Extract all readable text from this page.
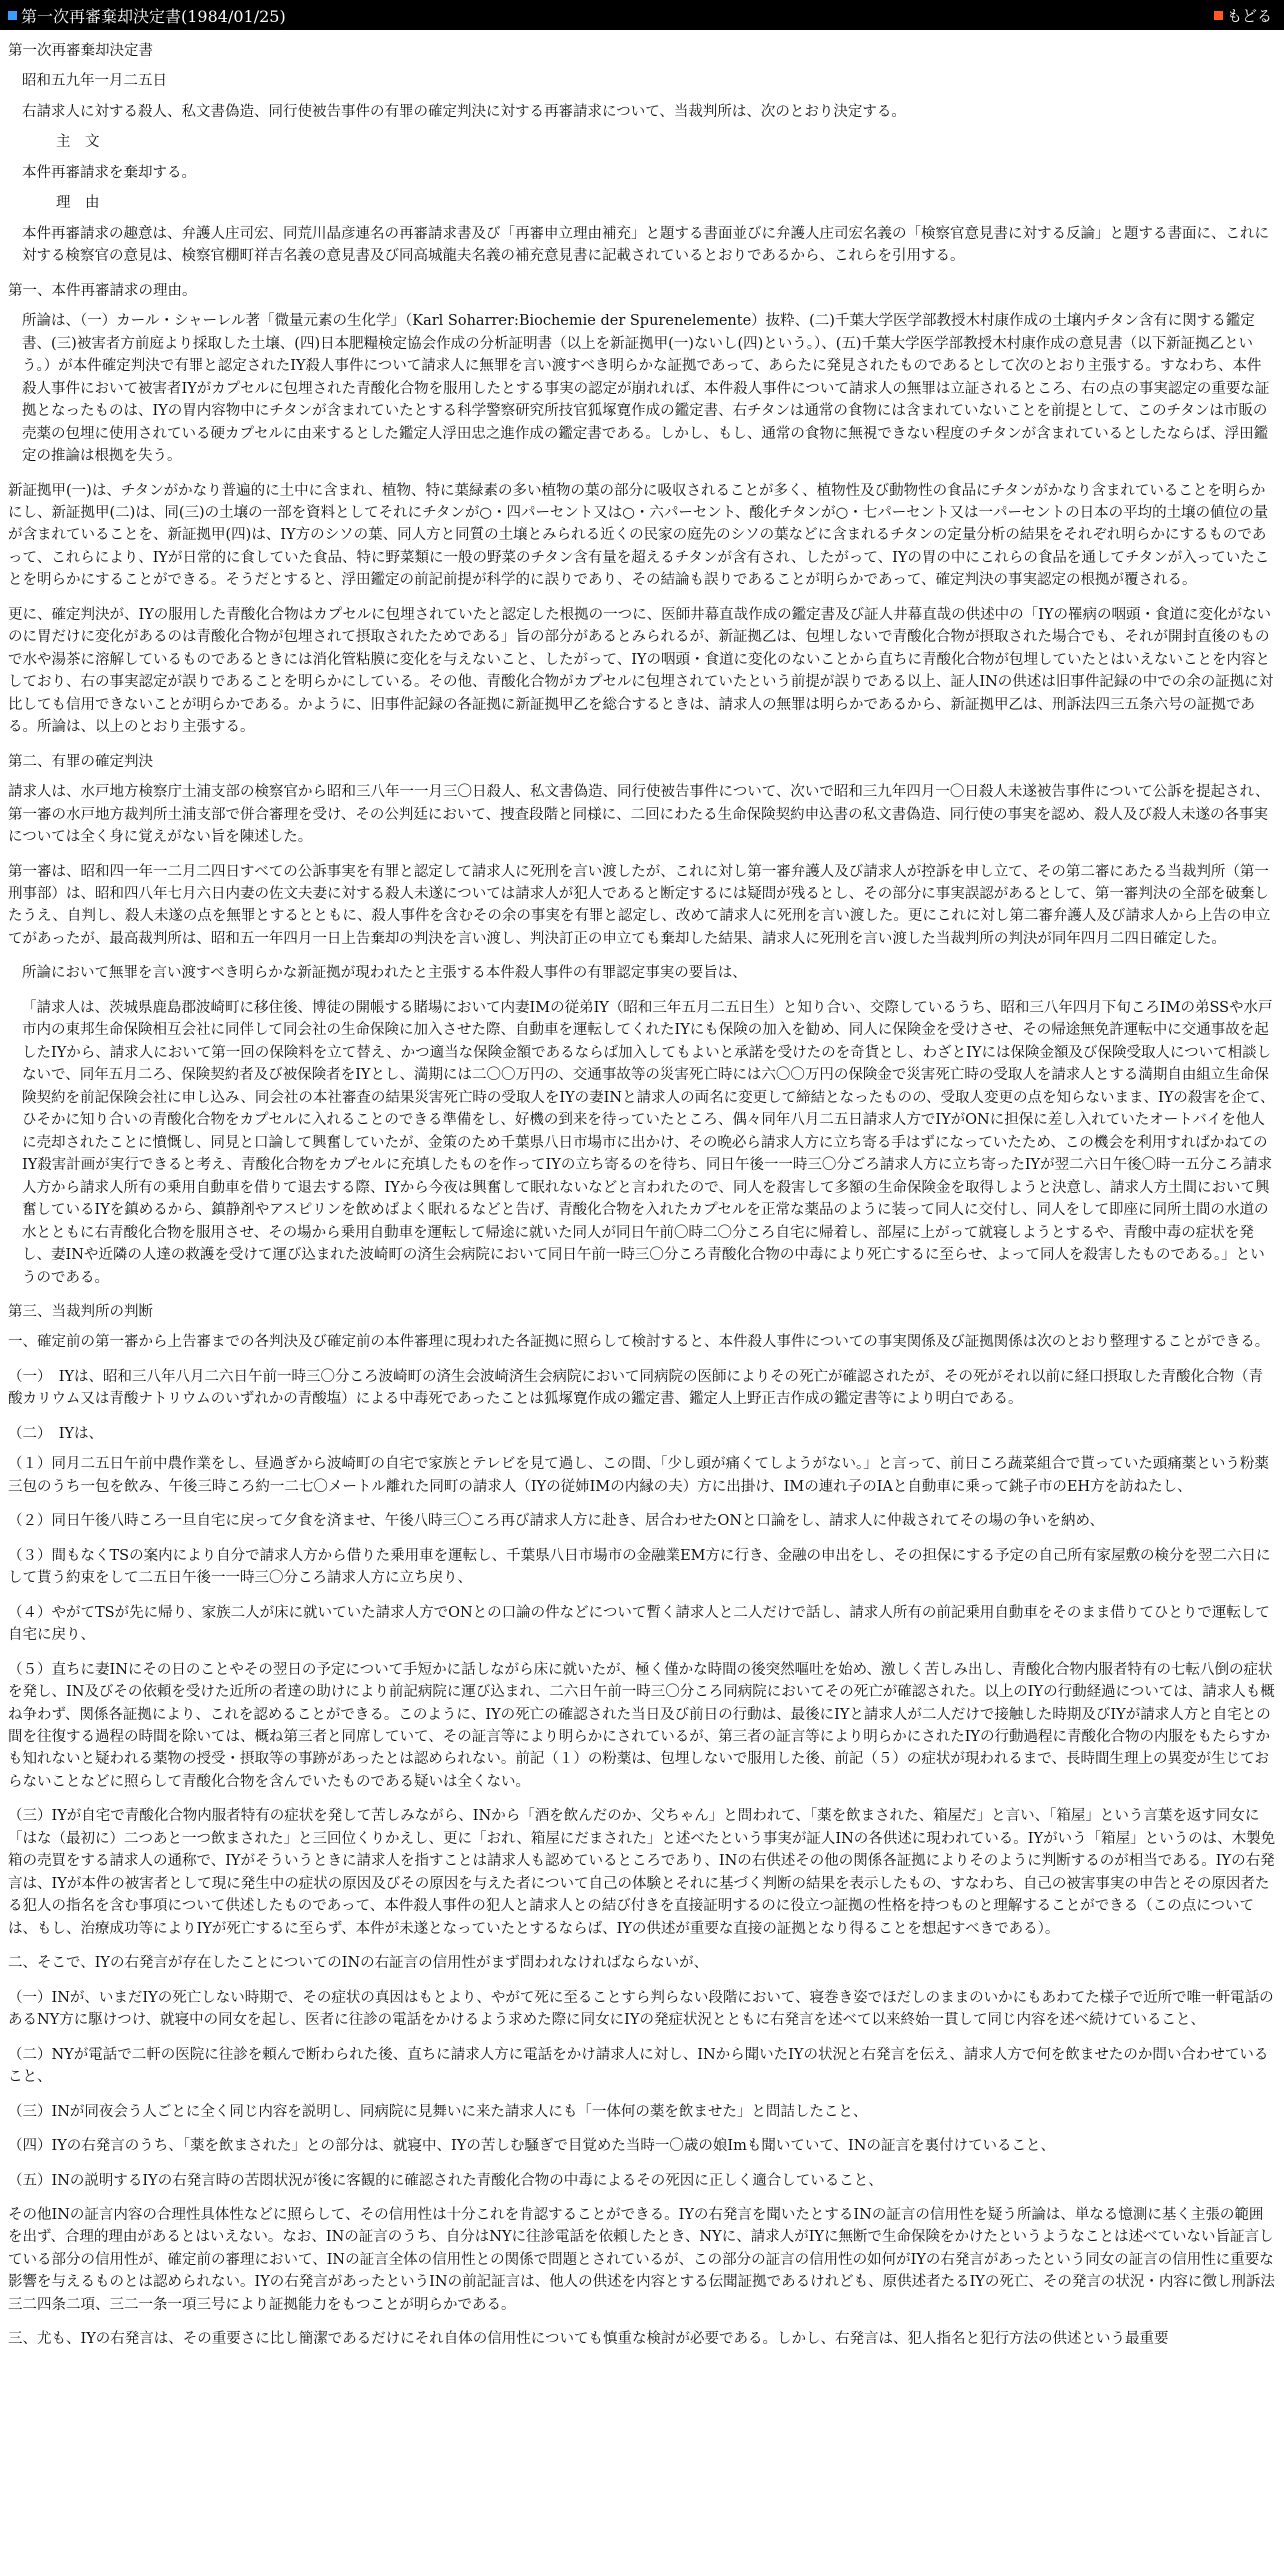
第一次再審棄却決定書(1984/01/25)	もどる

第一次再審棄却決定書

昭和五九年一月二五日

右請求人に対する殺人、私文書偽造、同行使被告事件の有罪の確定判決に対する再審請求について、当裁判所は、次のとおり決定する。

主　文

本件再審請求を棄却する。

理　由

本件再審請求の趣意は、弁護人庄司宏、同荒川晶彦連名の再審請求書及び「再審申立理由補充」と題する書面並びに弁護人庄司宏名義の「検察官意見書に対する反論」と題する書面に、これに対する検察官の意見は、検察官棚町祥吉名義の意見書及び同高城龍夫名義の補充意見書に記載されているとおりであるから、これらを引用する。

第一、本件再審請求の理由。

所論は、（一）カール・シャーレル著「微量元素の生化学」（Karl Soharrer:Biochemie der Spurenelemente）抜粋、(二)千葉大学医学部教授木村康作成の土壌内チタン含有に関する鑑定書、(三)被害者方前庭より採取した土壌、(四)日本肥糧検定協会作成の分析証明書（以上を新証拠甲(一)ないし(四)という。）、(五)千葉大学医学部教授木村康作成の意見書（以下新証拠乙という。）が本件確定判決で有罪と認定されたIY殺人事件について請求人に無罪を言い渡すべき明らかな証拠であって、あらたに発見されたものであるとして次のとおり主張する。すなわち、本件殺人事件において被害者IYがカプセルに包埋された青酸化合物を服用したとする事実の認定が崩れれば、本件殺人事件について請求人の無罪は立証されるところ、右の点の事実認定の重要な証拠となったものは、IYの胃内容物中にチタンが含まれていたとする科学警察研究所技官狐塚寛作成の鑑定書、右チタンは通常の食物には含まれていないことを前提として、このチタンは市販の売薬の包埋に使用されている硬カプセルに由来するとした鑑定人浮田忠之進作成の鑑定書である。しかし、もし、通常の食物に無視できない程度のチタンが含まれているとしたならば、浮田鑑定の推論は根拠を失う。

新証拠甲(一)は、チタンがかなり普遍的に土中に含まれ、植物、特に葉緑素の多い植物の葉の部分に吸収されることが多く、植物性及び動物性の食品にチタンがかなり含まれていることを明らかにし、新証拠甲(二)は、同(三)の土壌の一部を資料としてそれにチタンが○・四パーセント又は○・六パーセント、酸化チタンが○・七パーセント又は一パーセントの日本の平均的土壌の値位の量が含まれていることを、新証拠甲(四)は、IY方のシソの葉、同人方と同質の土壌とみられる近くの民家の庭先のシソの葉などに含まれるチタンの定量分析の結果をそれぞれ明らかにするものであって、これらにより、IYが日常的に食していた食品、特に野菜類に一般の野菜のチタン含有量を超えるチタンが含有され、したがって、IYの胃の中にこれらの食品を通してチタンが入っていたことを明らかにすることができる。そうだとすると、浮田鑑定の前記前提が科学的に誤りであり、その結論も誤りであることが明らかであって、確定判決の事実認定の根拠が覆される。

更に、確定判決が、IYの服用した青酸化合物はカプセルに包埋されていたと認定した根拠の一つに、医師井幕直哉作成の鑑定書及び証人井幕直哉の供述中の「IYの罹病の咽頭・食道に変化がないのに胃だけに変化があるのは青酸化合物が包埋されて摂取されたためである」旨の部分があるとみられるが、新証拠乙は、包埋しないで青酸化合物が摂取された場合でも、それが開封直後のもので水や湯茶に溶解しているものであるときには消化管粘膜に変化を与えないこと、したがって、IYの咽頭・食道に変化のないことから直ちに青酸化合物が包埋していたとはいえないことを内容としており、右の事実認定が誤りであることを明らかにしている。その他、青酸化合物がカプセルに包埋されていたという前提が誤りである以上、証人INの供述は旧事件記録の中での余の証拠に対比しても信用できないことが明らかである。かように、旧事件記録の各証拠に新証拠甲乙を総合するときは、請求人の無罪は明らかであるから、新証拠甲乙は、刑訴法四三五条六号の証拠である。所論は、以上のとおり主張する。

第二、有罪の確定判決

請求人は、水戸地方検察庁土浦支部の検察官から昭和三八年一一月三〇日殺人、私文書偽造、同行使被告事件について、次いで昭和三九年四月一〇日殺人未遂被告事件について公訴を提起され、第一審の水戸地方裁判所土浦支部で併合審理を受け、その公判廷において、捜査段階と同様に、二回にわたる生命保険契約申込書の私文書偽造、同行使の事実を認め、殺人及び殺人未遂の各事実については全く身に覚えがない旨を陳述した。

第一審は、昭和四一年一二月二四日すべての公訴事実を有罪と認定して請求人に死刑を言い渡したが、これに対し第一審弁護人及び請求人が控訴を申し立て、その第二審にあたる当裁判所（第一刑事部）は、昭和四八年七月六日内妻の佐文夫妻に対する殺人未遂については請求人が犯人であると断定するには疑問が残るとし、その部分に事実誤認があるとして、第一審判決の全部を破棄したうえ、自判し、殺人未遂の点を無罪とするとともに、殺人事件を含むその余の事実を有罪と認定し、改めて請求人に死刑を言い渡した。更にこれに対し第二審弁護人及び請求人から上告の申立てがあったが、最高裁判所は、昭和五一年四月一日上告棄却の判決を言い渡し、判決訂正の申立ても棄却した結果、請求人に死刑を言い渡した当裁判所の判決が同年四月二四日確定した。

所論において無罪を言い渡すべき明らかな新証拠が現われたと主張する本件殺人事件の有罪認定事実の要旨は、

「請求人は、茨城県鹿島郡波崎町に移住後、博徒の開帳する賭場において内妻IMの従弟IY（昭和三年五月二五日生）と知り合い、交際しているうち、昭和三八年四月下旬ころIMの弟SSや水戸市内の東邦生命保険相互会社に同伴して同会社の生命保険に加入させた際、自動車を運転してくれたIYにも保険の加入を勧め、同人に保険金を受けさせ、その帰途無免許運転中に交通事故を起したIYから、請求人において第一回の保険料を立て替え、かつ適当な保険金額であるならば加入してもよいと承諾を受けたのを奇貨とし、わざとIYには保険金額及び保険受取人について相談しないで、同年五月二ろ、保険契約者及び被保険者をIYとし、満期には二〇〇万円の、交通事故等の災害死亡時には六〇〇万円の保険金で災害死亡時の受取人を請求人とする満期自由組立生命保険契約を前記保険会社に申し込み、同会社の本社審査の結果災害死亡時の受取人をIYの妻INと請求人の両名に変更して締結となったものの、受取人変更の点を知らないまま、IYの殺害を企て、ひそかに知り合いの青酸化合物をカプセルに入れることのできる準備をし、好機の到来を待っていたところ、偶々同年八月二五日請求人方でIYがONに担保に差し入れていたオートバイを他人に売却されたことに憤慨し、同見と口論して興奮していたが、金策のため千葉県八日市場市に出かけ、その晩必ら請求人方に立ち寄る手はずになっていたため、この機会を利用すればかねてのIY殺害計画が実行できると考え、青酸化合物をカプセルに充填したものを作ってIYの立ち寄るのを待ち、同日午後一一時三〇分ごろ請求人方に立ち寄ったIYが翌二六日午後〇時一五分ころ請求人方から請求人所有の乗用自動車を借りて退去する際、IYから今夜は興奮して眠れないなどと言われたので、同人を殺害して多額の生命保険金を取得しようと決意し、請求人方土間において興奮しているIYを鎮めるから、鎮静剤やアスピリンを飲めばよく眠れるなどと告げ、青酸化合物を入れたカプセルを正常な薬品のように装って同人に交付し、同人をして即座に同所土間の水道の水とともに右青酸化合物を服用させ、その場から乗用自動車を運転して帰途に就いた同人が同日午前〇時二〇分ころ自宅に帰着し、部屋に上がって就寝しようとするや、青酸中毒の症状を発し、妻INや近隣の人達の救護を受けて運び込まれた波崎町の済生会病院において同日午前一時三〇分ころ青酸化合物の中毒により死亡するに至らせ、よって同人を殺害したものである。」というのである。

第三、当裁判所の判断

一、確定前の第一審から上告審までの各判決及び確定前の本件審理に現われた各証拠に照らして検討すると、本件殺人事件についての事実関係及び証拠関係は次のとおり整理することができる。

（一）　IYは、昭和三八年八月二六日午前一時三〇分ころ波崎町の済生会波崎済生会病院において同病院の医師によりその死亡が確認されたが、その死がそれ以前に経口摂取した青酸化合物（青酸カリウム又は青酸ナトリウムのいずれかの青酸塩）による中毒死であったことは狐塚寛作成の鑑定書、鑑定人上野正吉作成の鑑定書等により明白である。

（二）　IYは、

（１）同月二五日午前中農作業をし、昼過ぎから波崎町の自宅で家族とテレビを見て過し、この間、「少し頭が痛くてしようがない。」と言って、前日ころ蔬菜組合で貰っていた頭痛薬という粉薬三包のうち一包を飲み、午後三時ころ約一二七〇メートル離れた同町の請求人（IYの従姉IMの内縁の夫）方に出掛け、IMの連れ子のIAと自動車に乗って銚子市のEH方を訪ねたし、

（２）同日午後八時ころ一旦自宅に戻って夕食を済ませ、午後八時三〇ころ再び請求人方に赴き、居合わせたONと口論をし、請求人に仲裁されてその場の争いを納め、

（３）間もなくTSの案内により自分で請求人方から借りた乗用車を運転し、千葉県八日市場市の金融業EM方に行き、金融の申出をし、その担保にする予定の自己所有家屋敷の検分を翌二六日にして貰う約束をして二五日午後一一時三〇分ころ請求人方に立ち戻り、

（４）やがてTSが先に帰り、家族二人が床に就いていた請求人方でONとの口論の件などについて暫く請求人と二人だけで話し、請求人所有の前記乗用自動車をそのまま借りてひとりで運転して自宅に戻り、

（５）直ちに妻INにその日のことやその翌日の予定について手短かに話しながら床に就いたが、極く僅かな時間の後突然嘔吐を始め、激しく苦しみ出し、青酸化合物内服者特有の七転八倒の症状を発し、IN及びその依頼を受けた近所の者達の助けにより前記病院に運び込まれ、二六日午前一時三〇分ころ同病院においてその死亡が確認された。以上のIYの行動経過については、請求人も概ね争わず、関係各証拠により、これを認めることができる。このように、IYの死亡の確認された当日及び前日の行動は、最後にIYと請求人が二人だけで接触した時期及びIYが請求人方と自宅との間を往復する過程の時間を除いては、概ね第三者と同席していて、その証言等により明らかにされているが、第三者の証言等により明らかにされたIYの行動過程に青酸化合物の内服をもたらすかも知れないと疑われる薬物の授受・摂取等の事跡があったとは認められない。前記（１）の粉薬は、包埋しないで服用した後、前記（５）の症状が現われるまで、長時間生理上の異変が生じておらないことなどに照らして青酸化合物を含んでいたものである疑いは全くない。

（三）IYが自宅で青酸化合物内服者特有の症状を発して苦しみながら、INから「酒を飲んだのか、父ちゃん」と問われて、「薬を飲まされた、箱屋だ」と言い、「箱屋」という言葉を返す同女に「はな（最初に）二つあと一つ飲まされた」と三回位くりかえし、更に「おれ、箱屋にだまされた」と述べたという事実が証人INの各供述に現われている。IYがいう「箱屋」というのは、木製免箱の売買をする請求人の通称で、IYがそういうときに請求人を指すことは請求人も認めているところであり、INの右供述その他の関係各証拠によりそのように判断するのが相当である。IYの右発言は、IYが本件の被害者として現に発生中の症状の原因及びその原因を与えた者について自己の体験とそれに基づく判断の結果を表示したもの、すなわち、自己の被害事実の申告とその原因者たる犯人の指名を含む事項について供述したものであって、本件殺人事件の犯人と請求人との結び付きを直接証明するのに役立つ証拠の性格を持つものと理解することができる（この点については、もし、治療成功等によりIYが死亡するに至らず、本件が未遂となっていたとするならば、IYの供述が重要な直接の証拠となり得ることを想起すべきである）。

二、そこで、IYの右発言が存在したことについてのINの右証言の信用性がまず問われなければならないが、

（一）INが、いまだIYの死亡しない時期で、その症状の真因はもとより、やがて死に至ることすら判らない段階において、寝巻き姿でほだしのままのいかにもあわてた様子で近所で唯一軒電話のあるNY方に駆けつけ、就寝中の同女を起し、医者に往診の電話をかけるよう求めた際に同女にIYの発症状況とともに右発言を述べて以来終始一貫して同じ内容を述べ続けていること、

（二）NYが電話で二軒の医院に往診を頼んで断わられた後、直ちに請求人方に電話をかけ請求人に対し、INから聞いたIYの状況と右発言を伝え、請求人方で何を飲ませたのか問い合わせていること、

（三）INが同夜会う人ごとに全く同じ内容を説明し、同病院に見舞いに来た請求人にも「一体何の薬を飲ませた」と問詰したこと、

（四）IYの右発言のうち、「薬を飲まされた」との部分は、就寝中、IYの苦しむ騒ぎで目覚めた当時一〇歳の娘Imも聞いていて、INの証言を裏付けていること、

（五）INの説明するIYの右発言時の苦悶状況が後に客観的に確認された青酸化合物の中毒によるその死因に正しく適合していること、

その他INの証言内容の合理性具体性などに照らして、その信用性は十分これを肯認することができる。IYの右発言を聞いたとするINの証言の信用性を疑う所論は、単なる憶測に基く主張の範囲を出ず、合理的理由があるとはいえない。なお、INの証言のうち、自分はNYに往診電話を依頼したとき、NYに、請求人がIYに無断で生命保険をかけたというようなことは述べていない旨証言している部分の信用性が、確定前の審理において、INの証言全体の信用性との関係で問題とされているが、この部分の証言の信用性の如何がIYの右発言があったという同女の証言の信用性に重要な影響を与えるものとは認められない。IYの右発言があったというINの前記証言は、他人の供述を内容とする伝聞証拠であるけれども、原供述者たるIYの死亡、その発言の状況・内容に徴し刑訴法三二四条二項、三二一条一項三号により証拠能力をもつことが明らかである。

三、尤も、IYの右発言は、その重要さに比し簡潔であるだけにそれ自体の信用性についても慎重な検討が必要である。しかし、右発言は、犯人指名と犯行方法の供述という最重要
